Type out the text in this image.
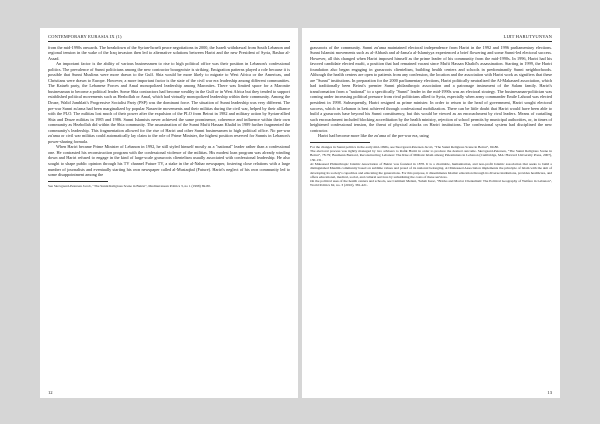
CONTEMPORARY EURASIA IX (1)

from the mid-1990s onwards. The breakdown of the Syrian-Israeli peace negotiations in 2000, the Israeli withdrawal from South Lebanon and regional tension in the wake of the Iraq invasion then led to alternative solutions between Hariri and the new President of Syria, Bashar al-Assad.

An important factor is the ability of various businessmen to rise to high political office was their position in Lebanon's confessional politics. The prevalence of Sunni politicians among the new contractor bourgeoisie is striking. Emigration patterns played a role because it is possible that Sunni Muslims were more drawn to the Gulf. Shia would be more likely to migrate to West Africa or the Americas, and Christians were drawn to Europe. However, a more important factor is the state of the civil war era leadership among different communities. The Kataeb party, the Lebanese Forces and Amal monopolized leadership among Maronites. There was limited space for a Maronite businessman to become a political leader. Some Shia contractors had become wealthy in the Gulf or in West Africa but they tended to support established political movements such as Hezbollah or Amal, which had virtually monopolized leadership within their community. Among the Druze, Walid Jumblatt's Progressive Socialist Party (PSP) was the dominant force. The situation of Sunni leadership was very different. The pre-war Sunni zu'ama had been marginalized by popular Nasserite movements and their militias during the civil war, helped by their alliance with the PLO. The militias lost much of their power after the expulsion of the PLO from Beirut in 1982 and military action by Syrian-allied Shia and Druze militias in 1985 and 1986. Sunni Islamists never achieved the same prominence, coherence and influence within their own community as Hezbollah did within the Shia community. The assassination of the Sunni Mufti Hassan Khalid in 1989 further fragmented the community's leadership. This fragmentation allowed for the rise of Hariri and other Sunni businessmen to high political office. No pre-war zu'ama or civil war militias could automatically lay claim to the role of Prime Minister, the highest position reserved for Sunnis in Lebanon's power-sharing formula.

When Hariri became Prime Minister of Lebanon in 1992, he still styled himself mostly as a "national" leader rather than a confessional one. He contrasted his reconstruction program with the confessional violence of the militias. His modest loan program was already winding down and Hariri refused to engage in the kind of large-scale grassroots clientelism usually associated with confessional leadership. He also sought to shape public opinion through his TV channel Future TV, a stake in the al-Nahar newspaper, fostering close relations with a large number of journalists and eventually starting his own newspaper called al-Mustaqbal (Future). Hariri's neglect of his own community led to some disappointment among the

See Skovgaard-Petersen Jacob, "The Sunni Religious Scene in Beirut", Mediterranean Politics 3, no 1 (1998) 69-80.

12
LIJIT HARUTYUNYAN

grassroots of the community. Sunni zu'ama maintained electoral independence from Hariri in the 1992 and 1996 parliamentary elections. Sunni Islamist movements such as al-Ahbash and al-Jama'a al-Islamiyya experienced a brief flowering and some Sunni-led electoral success. However, all this changed when Hariri imposed himself as the prime leader of his community from the mid-1990s. In 1996, Hariri had his favored candidate elected mufti, a position that had remained vacant since Mufti Hassan Khalid's assassination. Starting in 1999, the Hariri foundation also began engaging in grassroots clientelism, building health centers and schools in predominantly Sunni neighborhoods. Although the health centers are open to patients from any confession, the location and the association with Hariri work as signifiers that these are "Sunni" institutions. In preparation for the 2000 parliamentary elections, Hariri politically neutralized the Al-Makassed association, which had traditionally been Beirut's premier Sunni philanthropic association and a patronage instrument of the Salam family. Hariri's transformation from a "national" to a specifically "Sunni" leader in the mid-1990s was an electoral strategy. The businessman-politician was coming under increasing political pressure from rival politicians allied to Syria, especially when army commander Emile Lahoud was elected president in 1998. Subsequently, Hariri resigned as prime minister. In order to return to the head of government, Hariri sought electoral success, which in Lebanon is best achieved through confessional mobilization. There can be little doubt that Hariri would have been able to build a grassroots base beyond his Sunni constituency, but this would be viewed as an encroachment by rival leaders. Means of curtailing such encroachment included blocking accreditation by the health ministry, rejection of school permits by municipal authorities, or, in times of heightened confessional tension, the threat of physical attacks on Hariri institutions. The confessional system had disciplined the new contractor.

Hariri had become more like the zu'ama of the pre-war era, using

For the changes in Sunni politics in the early mid-1990s, see Skovgaard-Petersen Jacob, "The Sunni Religious Scene in Beirut", 69-80.

The electoral process was tightly managed by two advisers to Rafik Hariri in order to produce the desired outcome. Skovgaard-Petersen, "The Sunni Religious Scene in Beirut", 78-79; Baumann Bernard, Reconstructing Lebanon: The Rise of Militant Islam among Palestinians in Lebanon (Cambridge, MA: Harvard University Press, 2007), 130-131.

Al Makassed Philanthropic Islamic Association of Beirut was founded in 1878. It is a charitable, humanitarian, and non-profit Islamic association that seeks to build a distinguished Muslim community based on sublime values and proud of its national belonging. Al Makassed Association implements the principle of Islam with the aim of developing its society's capacities and educating the generations. For this purpose, it disseminates Islamic education through its diverse institutions, provides healthcare, and offers educational, medical, social, and cultural services by subsidizing the costs of these services.

On the political uses of the health centers and schools, see Cammett Melani, 'Sahab Isaac, "Bricks and Mortar Clientelism: The Political Geography of Welfare in Lebanon", World Politics 62, no. 3 (2010), 381-421.

13
